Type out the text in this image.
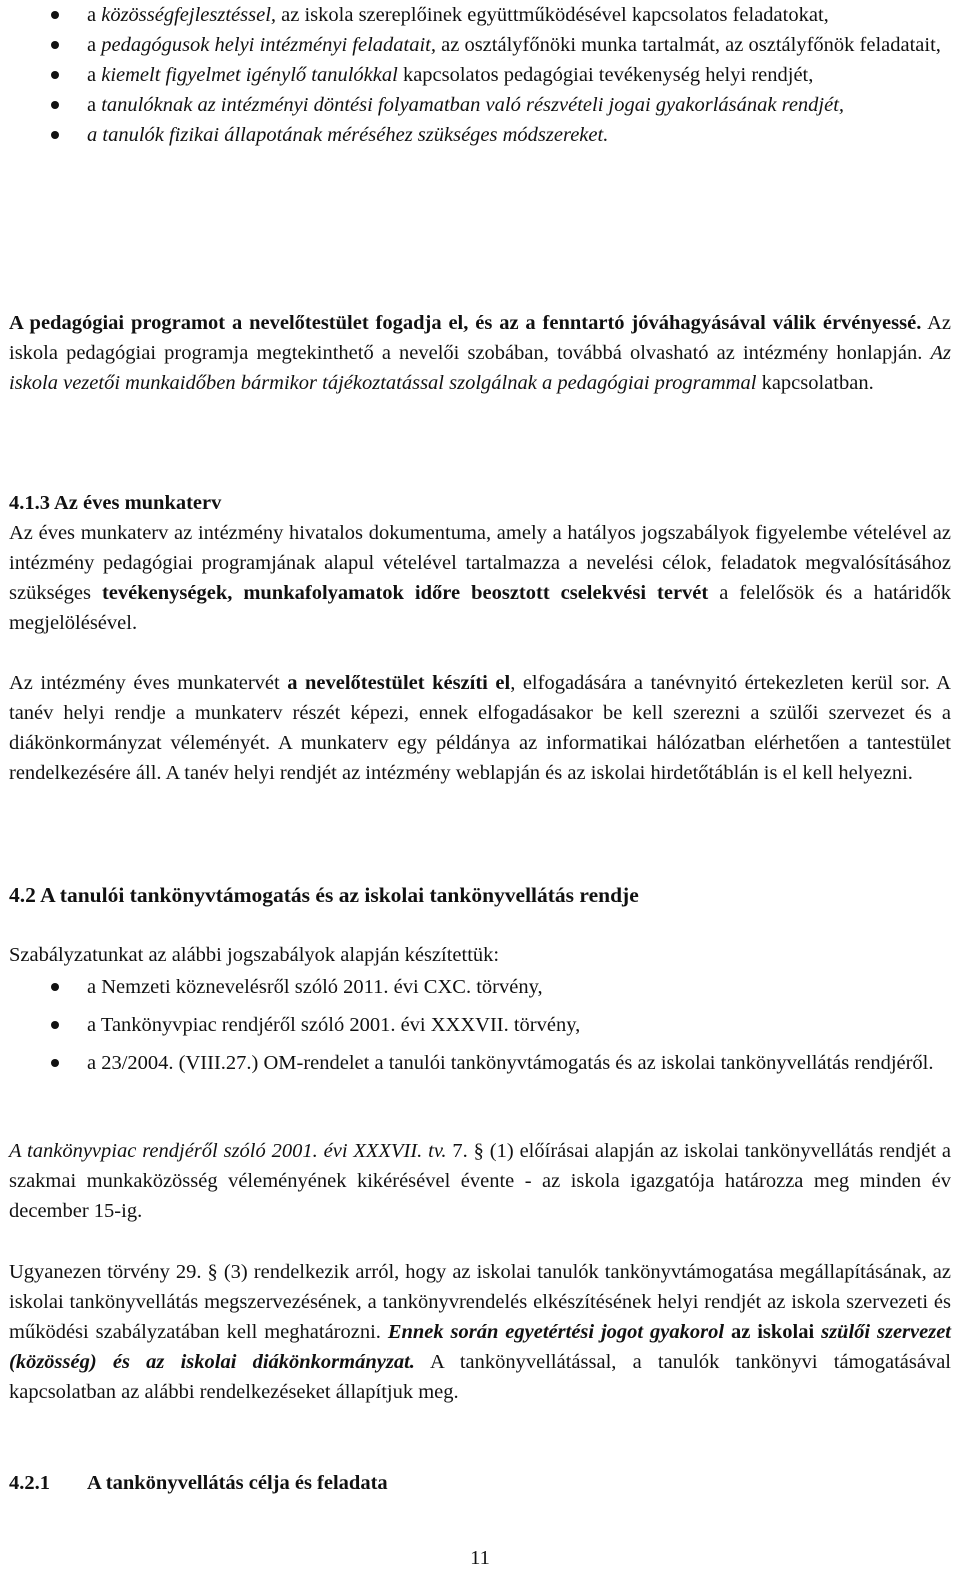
a közösségfejlesztéssel, az iskola szereplőinek együttműködésével kapcsolatos feladatokat,

a pedagógusok helyi intézményi feladatait, az osztályfőnöki munka tartalmát, az osztályfőnök feladatait,

a kiemelt figyelmet igénylő tanulókkal kapcsolatos pedagógiai tevékenység helyi rendjét,

a tanulóknak az intézményi döntési folyamatban való részvételi jogai gyakorlásának rendjét,

a tanulók fizikai állapotának méréséhez szükséges módszereket.

A pedagógiai programot a nevelőtestület fogadja el, és az a fenntartó jóváhagyásával válik érvényessé. Az iskola pedagógiai programja megtekinthető a nevelői szobában, továbbá olvasható az intézmény honlapján. Az iskola vezetői munkaidőben bármikor tájékoztatással szolgálnak a pedagógiai programmal kapcsolatban.

4.1.3 Az éves munkaterv

Az éves munkaterv az intézmény hivatalos dokumentuma, amely a hatályos jogszabályok figyelembe vételével az intézmény pedagógiai programjának alapul vételével tartalmazza a nevelési célok, feladatok megvalósításához szükséges tevékenységek, munkafolyamatok időre beosztott cselekvési tervét a felelősök és a határidők megjelölésével.

Az intézmény éves munkatervét a nevelőtestület készíti el, elfogadására a tanévnyitó értekezleten kerül sor. A tanév helyi rendje a munkaterv részét képezi, ennek elfogadásakor be kell szerezni a szülői szervezet és a diákönkormányzat véleményét. A munkaterv egy példánya az informatikai hálózatban elérhetően a tantestület rendelkezésére áll. A tanév helyi rendjét az intézmény weblapján és az iskolai hirdetőtáblán is el kell helyezni.

4.2 A tanulói tankönyvtámogatás és az iskolai tankönyvellátás rendje

Szabályzatunkat az alábbi jogszabályok alapján készítettük:

a Nemzeti köznevelésről szóló 2011. évi CXC. törvény,

a Tankönyvpiac rendjéről szóló 2001. évi XXXVII. törvény,

a 23/2004. (VIII.27.) OM-rendelet a tanulói tankönyvtámogatás és az iskolai tankönyvellátás rendjéről.

A tankönyvpiac rendjéről szóló 2001. évi XXXVII. tv. 7. § (1) előírásai alapján az iskolai tankönyvellátás rendjét a szakmai munkaközösség véleményének kikérésével évente - az iskola igazgatója határozza meg minden év december 15-ig.

Ugyanezen törvény 29. § (3) rendelkezik arról, hogy az iskolai tanulók tankönyvtámogatása megállapításának, az iskolai tankönyvellátás megszervezésének, a tankönyvrendelés elkészítésének helyi rendjét az iskola szervezeti és működési szabályzatában kell meghatározni. Ennek során egyetértési jogot gyakorol az iskolai szülői szervezet (közösség) és az iskolai diákönkormányzat. A tankönyvellátással, a tanulók tankönyvi támogatásával kapcsolatban az alábbi rendelkezéseket állapítjuk meg.

4.2.1 A tankönyvellátás célja és feladata

11
